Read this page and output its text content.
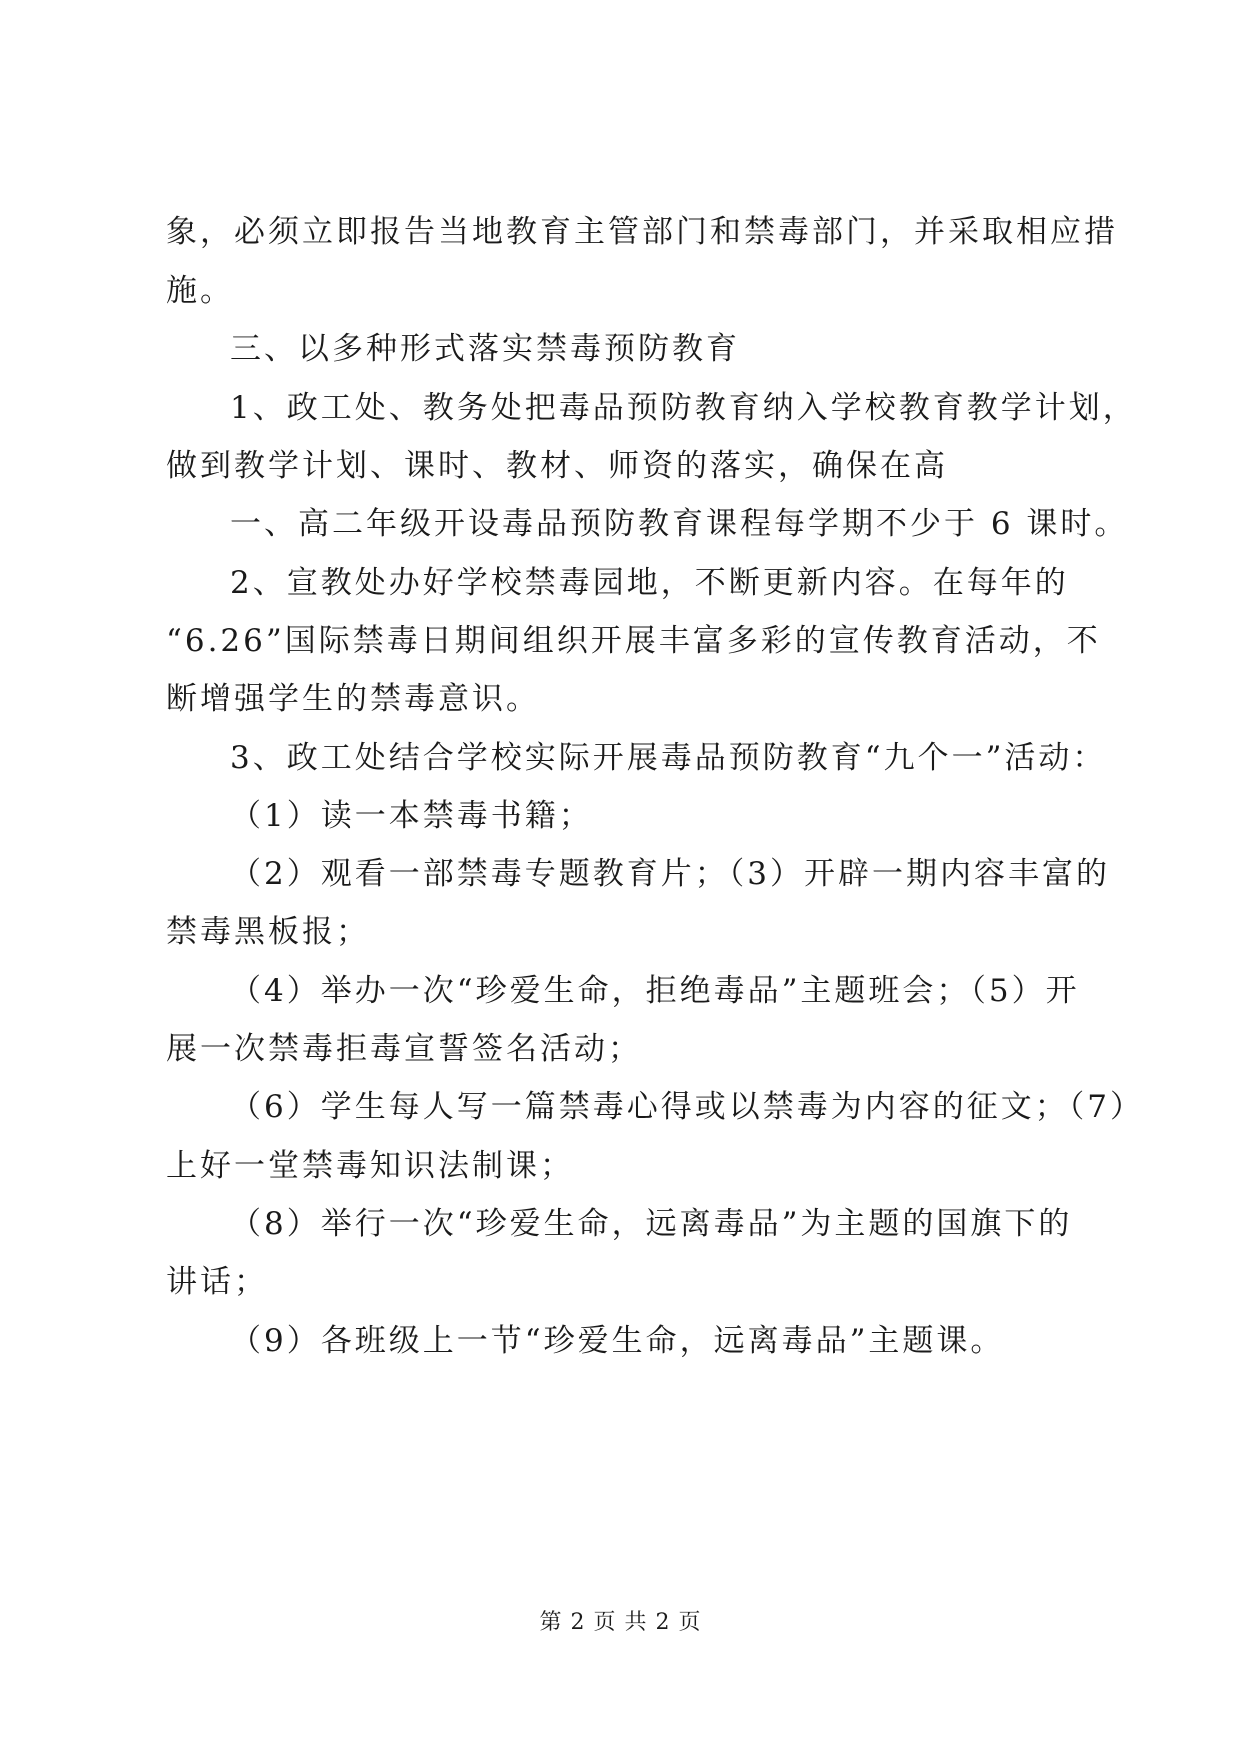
象，必须立即报告当地教育主管部门和禁毒部门，并采取相应措
施。
三、以多种形式落实禁毒预防教育
1、政工处、教务处把毒品预防教育纳入学校教育教学计划，
做到教学计划、课时、教材、师资的落实，确保在高
一、高二年级开设毒品预防教育课程每学期不少于 6 课时。
2、宣教处办好学校禁毒园地，不断更新内容。在每年的
“6.26”国际禁毒日期间组织开展丰富多彩的宣传教育活动，不
断增强学生的禁毒意识。
3、政工处结合学校实际开展毒品预防教育“九个一”活动：
（1）读一本禁毒书籍；
（2）观看一部禁毒专题教育片；（3）开辟一期内容丰富的
禁毒黑板报；
（4）举办一次“珍爱生命，拒绝毒品”主题班会；（5）开
展一次禁毒拒毒宣誓签名活动；
（6）学生每人写一篇禁毒心得或以禁毒为内容的征文；（7）
上好一堂禁毒知识法制课；
（8）举行一次“珍爱生命，远离毒品”为主题的国旗下的
讲话；
（9）各班级上一节“珍爱生命，远离毒品”主题课。
第 2 页 共 2 页
